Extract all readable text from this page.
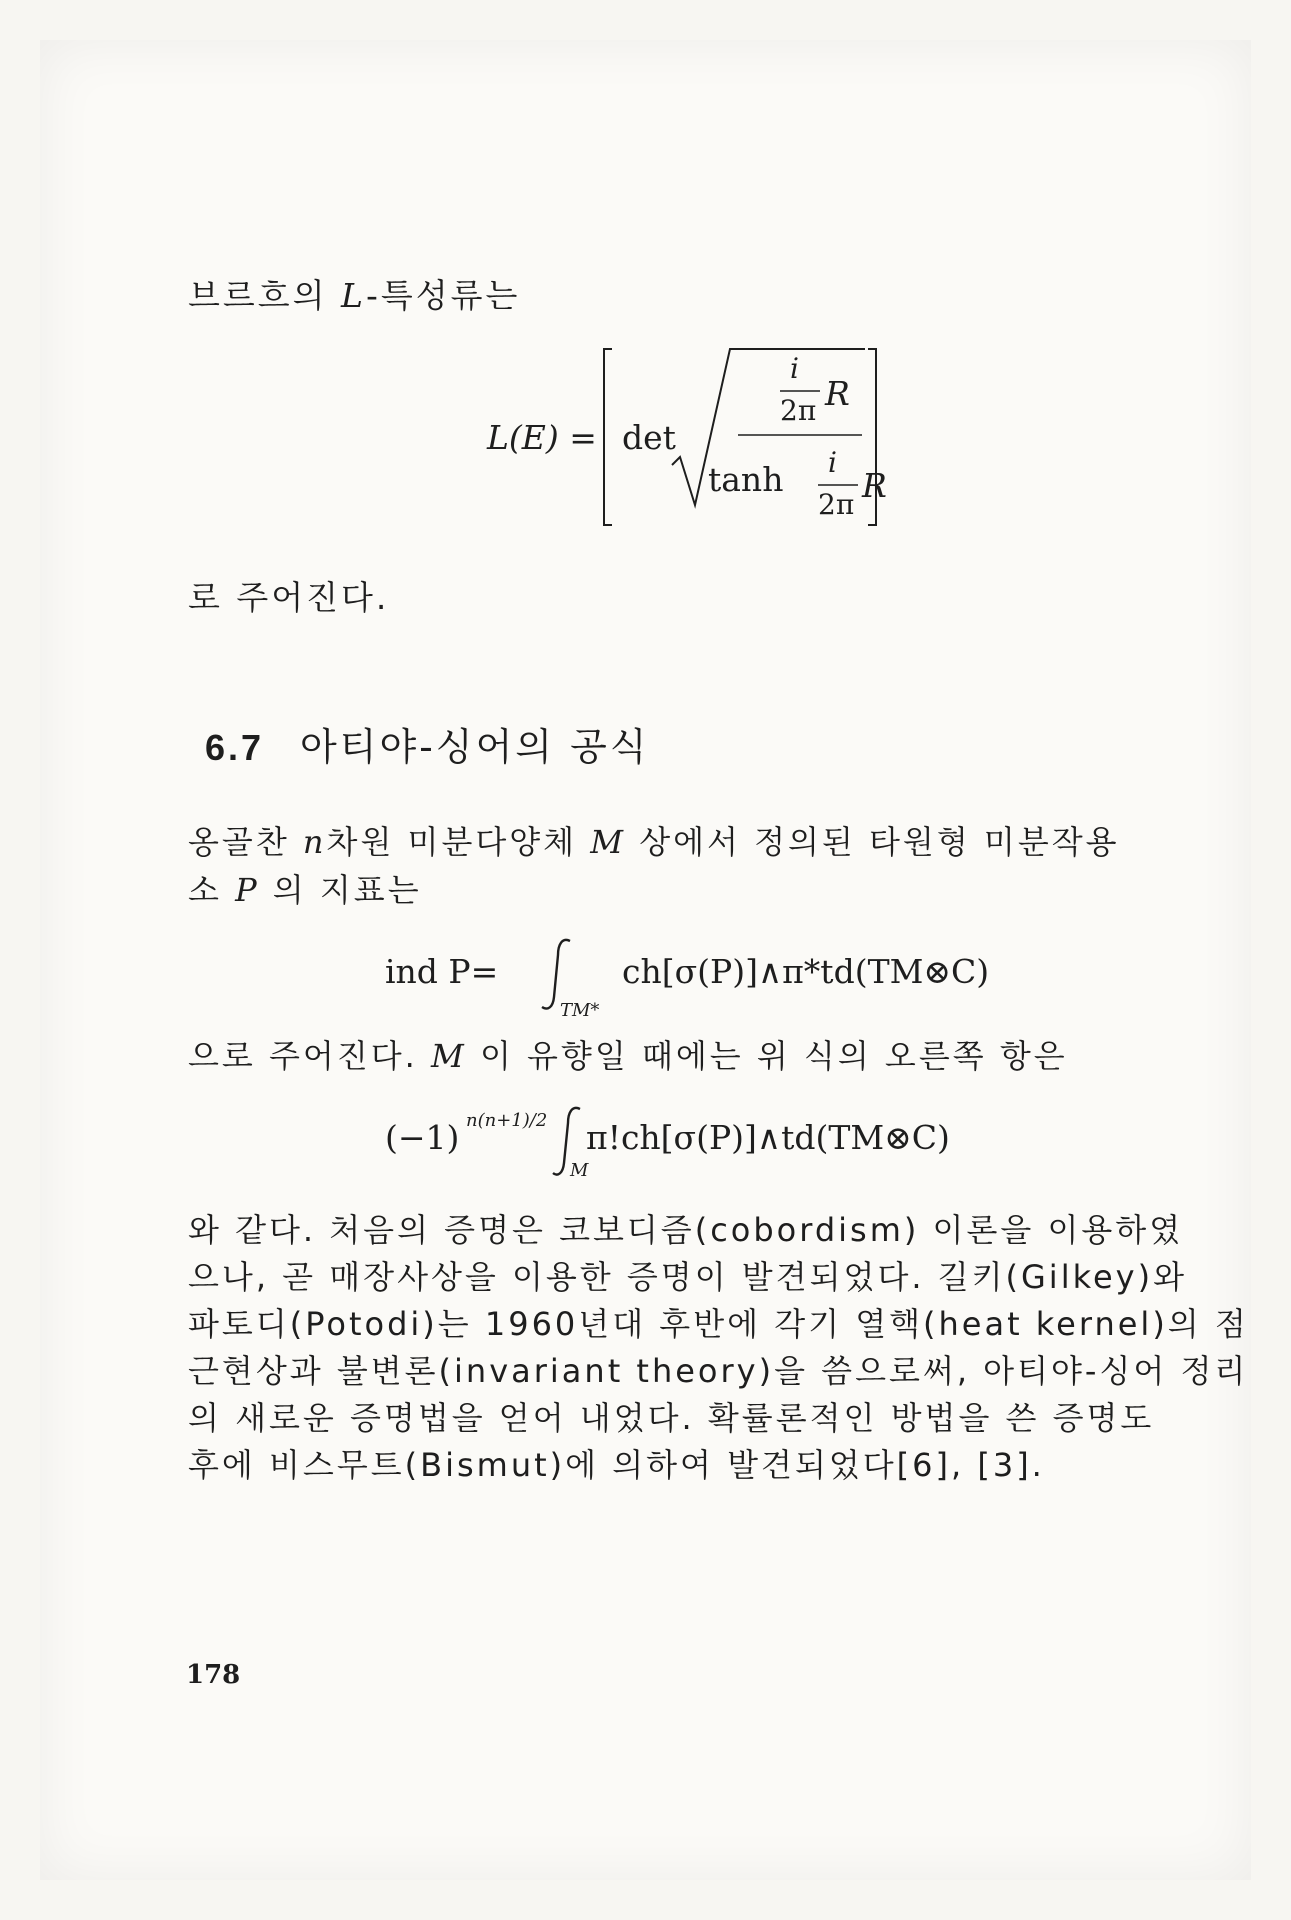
브르흐의 L-특성류는
L(E) = det
i
2π R
tanh i
2π R
로 주어진다.
6.7 아티야-싱어의 공식
옹골찬 n차원 미분다양체 M 상에서 정의된 타원형 미분작용
소 P 의 지표는
ind P=
TM*
ch[σ(P)]∧π*td(TM⊗C)
으로 주어진다. M 이 유향일 때에는 위 식의 오른쪽 항은
(−1) n(n+1)/2
M
π!ch[σ(P)]∧td(TM⊗C)
와 같다. 처음의 증명은 코보디즘(cobordism) 이론을 이용하였
으나, 곧 매장사상을 이용한 증명이 발견되었다. 길키(Gilkey)와
파토디(Potodi)는 1960년대 후반에 각기 열핵(heat kernel)의 점
근현상과 불변론(invariant theory)을 씀으로써, 아티야-싱어 정리
의 새로운 증명법을 얻어 내었다. 확률론적인 방법을 쓴 증명도
후에 비스무트(Bismut)에 의하여 발견되었다[6], [3].
178
